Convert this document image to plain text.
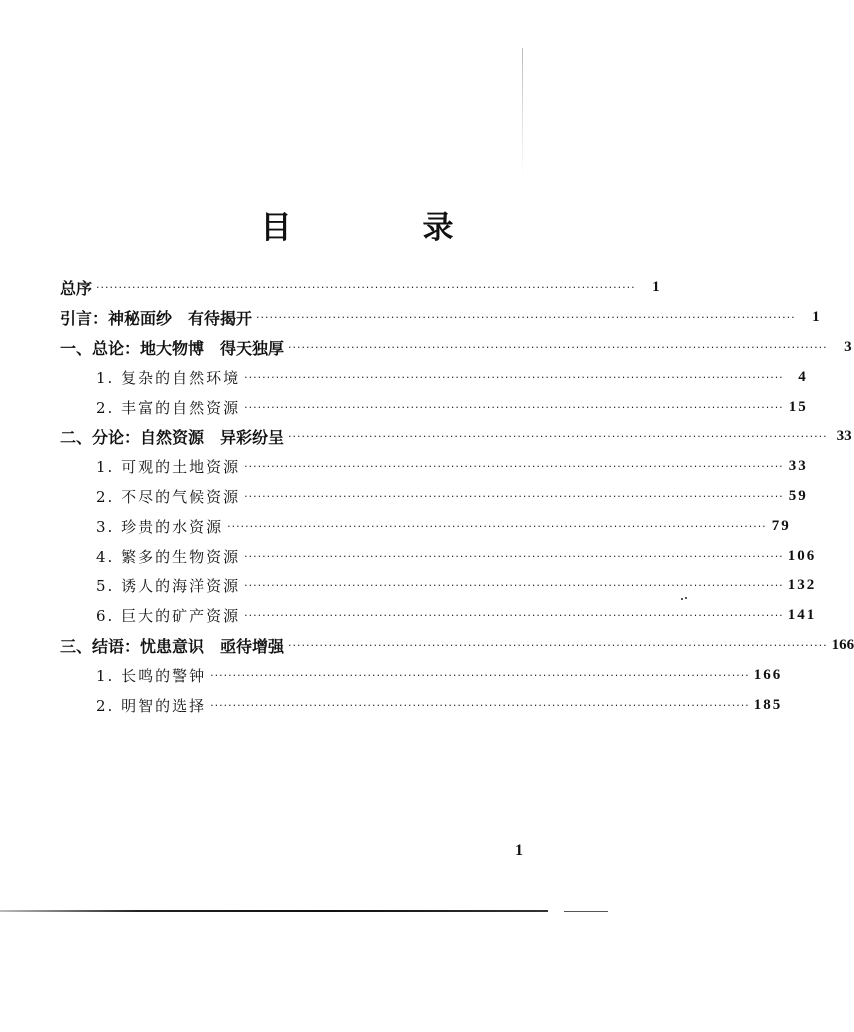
目　录
总序 ························································································································	1
引言：神秘面纱　有待揭开 ························································································································	1
一、总论：地大物博　得天独厚 ························································································································	3
1. 复杂的自然环境 ························································································································ 4
2. 丰富的自然资源 ························································································································ 15
二、分论：自然资源　异彩纷呈 ························································································································ 33
1. 可观的土地资源 ························································································································ 33
2. 不尽的气候资源 ························································································································ 59
3. 珍贵的水资源 ························································································································ 79
4. 繁多的生物资源 ························································································································ 106
5. 诱人的海洋资源 ························································································································ 132
6. 巨大的矿产资源 ························································································································ 141
三、结语：忧患意识　亟待增强 ························································································································ 166
1. 长鸣的警钟 ························································································································ 166
2. 明智的选择 ························································································································ 185
1
